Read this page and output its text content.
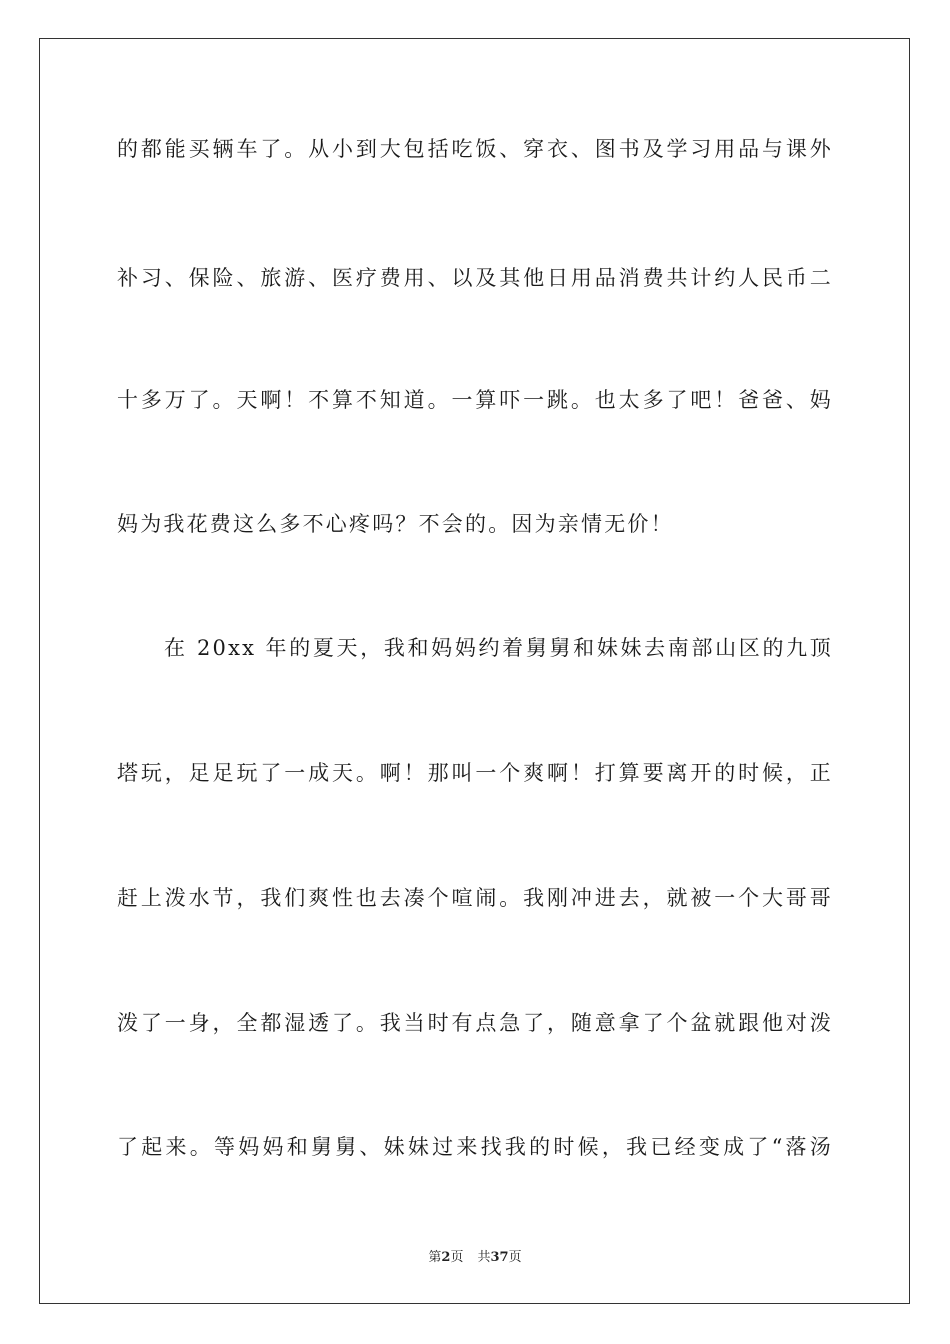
的都能买辆车了。从小到大包括吃饭、穿衣、图书及学习用品与课外
补习、保险、旅游、医疗费用、以及其他日用品消费共计约人民币二
十多万了。天啊！不算不知道。一算吓一跳。也太多了吧！爸爸、妈
妈为我花费这么多不心疼吗？不会的。因为亲情无价！
在 20xx 年的夏天，我和妈妈约着舅舅和妹妹去南部山区的九顶
塔玩，足足玩了一成天。啊！那叫一个爽啊！打算要离开的时候，正
赶上泼水节，我们爽性也去凑个喧闹。我刚冲进去，就被一个大哥哥
泼了一身，全都湿透了。我当时有点急了，随意拿了个盆就跟他对泼
了起来。等妈妈和舅舅、妹妹过来找我的时候，我已经变成了“落汤
第2页 共37页
